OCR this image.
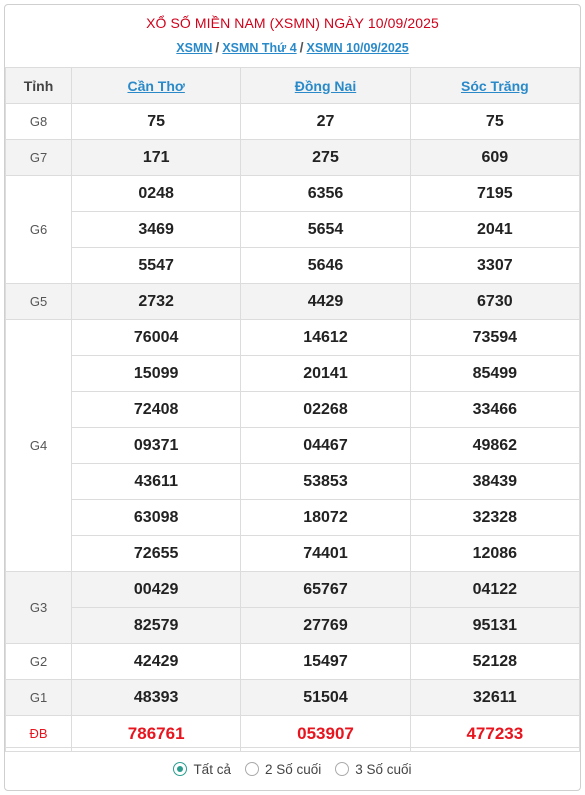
XỔ SỐ MIỀN NAM (XSMN) NGÀY 10/09/2025
XSMN / XSMN Thứ 4 / XSMN 10/09/2025
Tỉnh	Cần Thơ	Đồng Nai	Sóc Trăng
G8	75	27	75
G7	171	275	609
G6	0248	6356	7195
	3469	5654	2041
	5547	5646	3307
G5	2732	4429	6730
G4	76004	14612	73594
	15099	20141	85499
	72408	02268	33466
	09371	04467	49862
	43611	53853	38439
	63098	18072	32328
	72655	74401	12086
G3	00429	65767	04122
	82579	27769	95131
G2	42429	15497	52128
G1	48393	51504	32611
ĐB	786761	053907	477233
Tất cả	2 Số cuối	3 Số cuối
